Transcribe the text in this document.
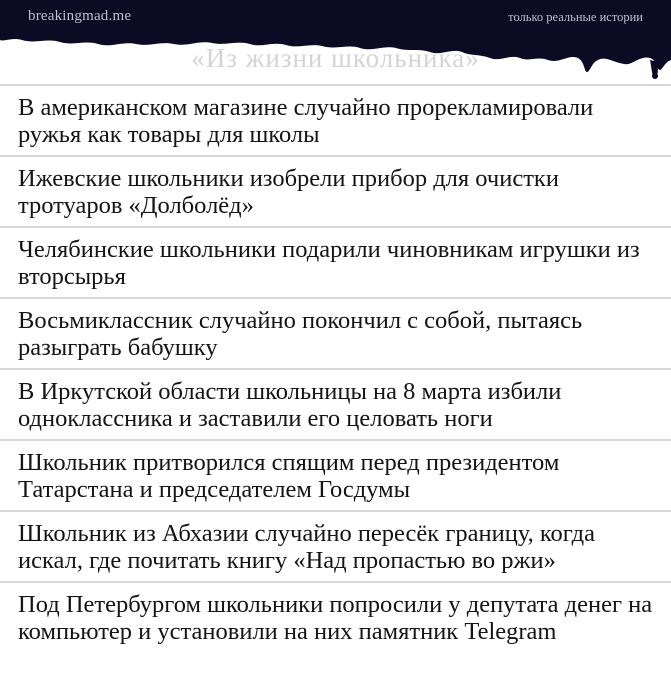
breakingmad.me	только реальные истории
«Из жизни школьника»
В американском магазине случайно прорекламировали ружья как товары для школы
Ижевские школьники изобрели прибор для очистки тротуаров «Долболёд»
Челябинские школьники подарили чиновникам игрушки из вторсырья
Восьмиклассник случайно покончил с собой, пытаясь разыграть бабушку
В Иркутской области школьницы на 8 марта избили одноклассника и заставили его целовать ноги
Школьник притворился спящим перед президентом Татарстана и председателем Госдумы
Школьник из Абхазии случайно пересёк границу, когда искал, где почитать книгу «Над пропастью во ржи»
Под Петербургом школьники попросили у депутата денег на компьютер и установили на них памятник Telegram
